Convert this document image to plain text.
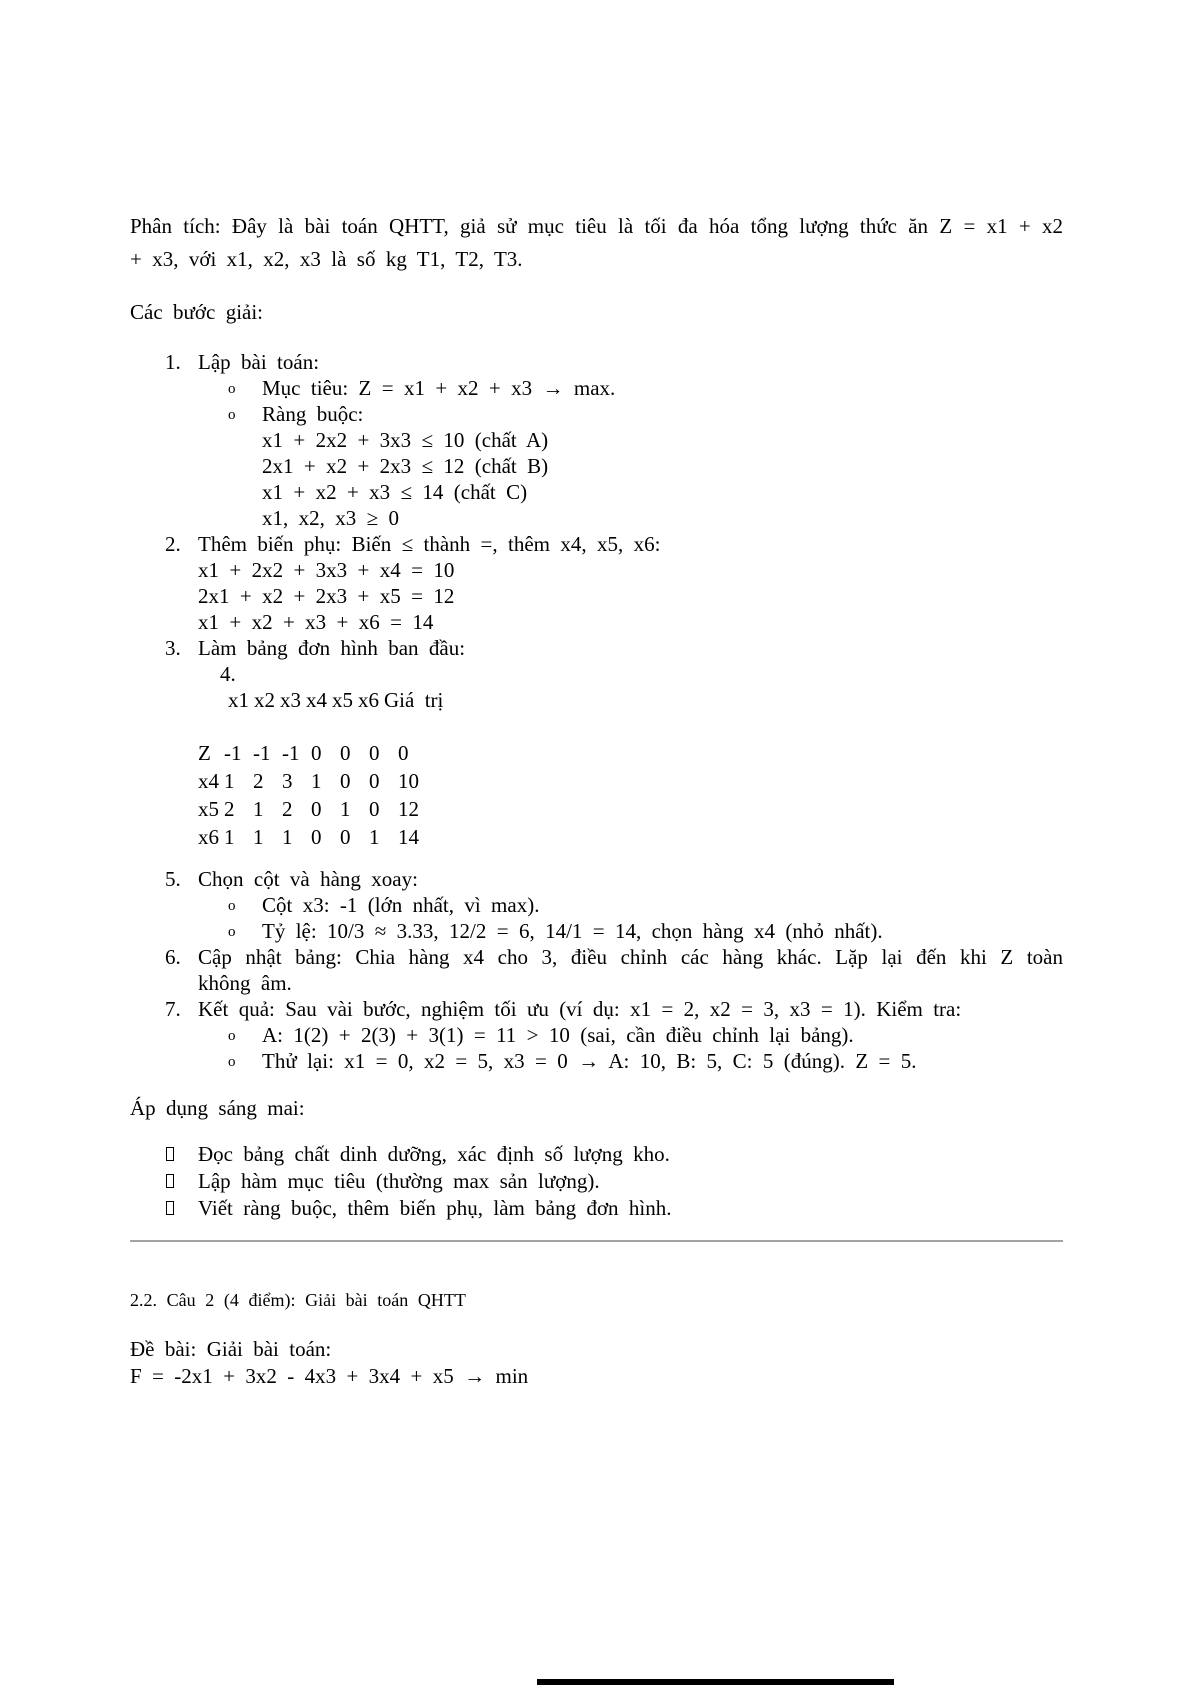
Phân tích: Đây là bài toán QHTT, giả sử mục tiêu là tối đa hóa tổng lượng thức ăn Z = x1 + x2 + x3, với x1, x2, x3 là số kg T1, T2, T3.

Các bước giải:

1. Lập bài toán:
o Mục tiêu: Z = x1 + x2 + x3 → max.
o Ràng buộc:
x1 + 2x2 + 3x3 ≤ 10 (chất A)
2x1 + x2 + 2x3 ≤ 12 (chất B)
x1 + x2 + x3 ≤ 14 (chất C)
x1, x2, x3 ≥ 0
2. Thêm biến phụ: Biến ≤ thành =, thêm x4, x5, x6:
x1 + 2x2 + 3x3 + x4 = 10
2x1 + x2 + 2x3 + x5 = 12
x1 + x2 + x3 + x6 = 14
3. Làm bảng đơn hình ban đầu:
4.
x1 x2 x3 x4 x5 x6 Giá trị
Z -1 -1 -1 0 0 0 0
x4 1 2 3 1 0 0 10
x5 2 1 2 0 1 0 12
x6 1 1 1 0 0 1 14
5. Chọn cột và hàng xoay:
o Cột x3: -1 (lớn nhất, vì max).
o Tỷ lệ: 10/3 ≈ 3.33, 12/2 = 6, 14/1 = 14, chọn hàng x4 (nhỏ nhất).
6. Cập nhật bảng: Chia hàng x4 cho 3, điều chỉnh các hàng khác. Lặp lại đến khi Z toàn không âm.
7. Kết quả: Sau vài bước, nghiệm tối ưu (ví dụ: x1 = 2, x2 = 3, x3 = 1). Kiểm tra:
o A: 1(2) + 2(3) + 3(1) = 11 > 10 (sai, cần điều chỉnh lại bảng).
o Thử lại: x1 = 0, x2 = 5, x3 = 0 → A: 10, B: 5, C: 5 (đúng). Z = 5.

Áp dụng sáng mai:

Đọc bảng chất dinh dưỡng, xác định số lượng kho.
Lập hàm mục tiêu (thường max sản lượng).
Viết ràng buộc, thêm biến phụ, làm bảng đơn hình.

2.2. Câu 2 (4 điểm): Giải bài toán QHTT

Đề bài: Giải bài toán:
F = -2x1 + 3x2 - 4x3 + 3x4 + x5 → min
